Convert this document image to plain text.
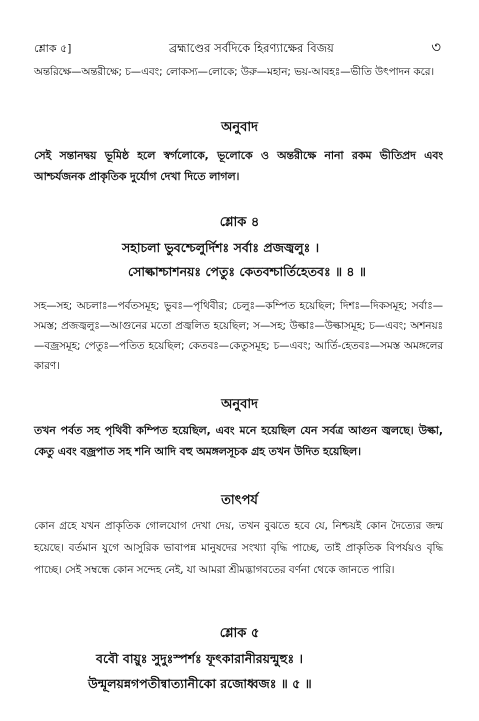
শ্লোক ৫]	ব্রহ্মাণ্ডের সর্বদিকে হিরণ্যাক্ষের বিজয়	৩

অন্তরিক্ষে—অন্তরীক্ষে; চ—এবং; লোকস্য—লোকে; উরু—মহান; ভয়-আবহঃ—ভীতি উৎপাদন করে।

অনুবাদ

সেই সন্তানদ্বয় ভূমিষ্ঠ হলে স্বর্গলোকে, ভূলোকে ও অন্তরীক্ষে নানা রকম ভীতিপ্রদ এবং আশ্চর্যজনক প্রাকৃতিক দুর্যোগ দেখা দিতে লাগল।

শ্লোক ৪
সহাচলা ভুবশ্চেলুর্দিশঃ সর্বাঃ প্রজজ্বলুঃ ।
সোল্কাশ্চাশনয়ঃ পেতুঃ কেতবশ্চার্তিহেতবঃ ॥ ৪ ॥

সহ—সহ; অচলাঃ—পর্বতসমূহ; ভুবঃ—পৃথিবীর; চেলুঃ—কম্পিত হয়েছিল; দিশঃ—দিকসমূহ; সর্বাঃ—সমস্ত; প্রজজ্বলুঃ—আগুনের মতো প্রজ্বলিত হয়েছিল; স—সহ; উল্কাঃ—উল্কাসমূহ; চ—এবং; অশনয়ঃ—বজ্রসমূহ; পেতুঃ—পতিত হয়েছিল; কেতবঃ—কেতুসমূহ; চ—এবং; আর্তি-হেতবঃ—সমস্ত অমঙ্গলের কারণ।

অনুবাদ

তখন পর্বত সহ পৃথিবী কম্পিত হয়েছিল, এবং মনে হয়েছিল যেন সর্বত্র আগুন জ্বলছে। উল্কা, কেতু এবং বজ্রপাত সহ শনি আদি বহু অমঙ্গলসূচক গ্রহ তখন উদিত হয়েছিল।

তাৎপর্য

কোন গ্রহে যখন প্রাকৃতিক গোলযোগ দেখা দেয়, তখন বুঝতে হবে যে, নিশ্চয়ই কোন দৈত্যের জন্ম হয়েছে। বর্তমান যুগে আসুরিক ভাবাপন্ন মানুষদের সংখ্যা বৃদ্ধি পাচ্ছে, তাই প্রাকৃতিক বিপর্যয়ও বৃদ্ধি পাচ্ছে। সেই সম্বন্ধে কোন সন্দেহ নেই, যা আমরা শ্রীমদ্ভাগবতের বর্ণনা থেকে জানতে পারি।

শ্লোক ৫
ববৌ বায়ুঃ সুদুঃস্পর্শঃ ফূৎকারানীরয়ন্মুহুঃ ।
উন্মূলয়ন্নগপতীন্বাত্যানীকো রজোধ্বজঃ ॥ ৫ ॥
